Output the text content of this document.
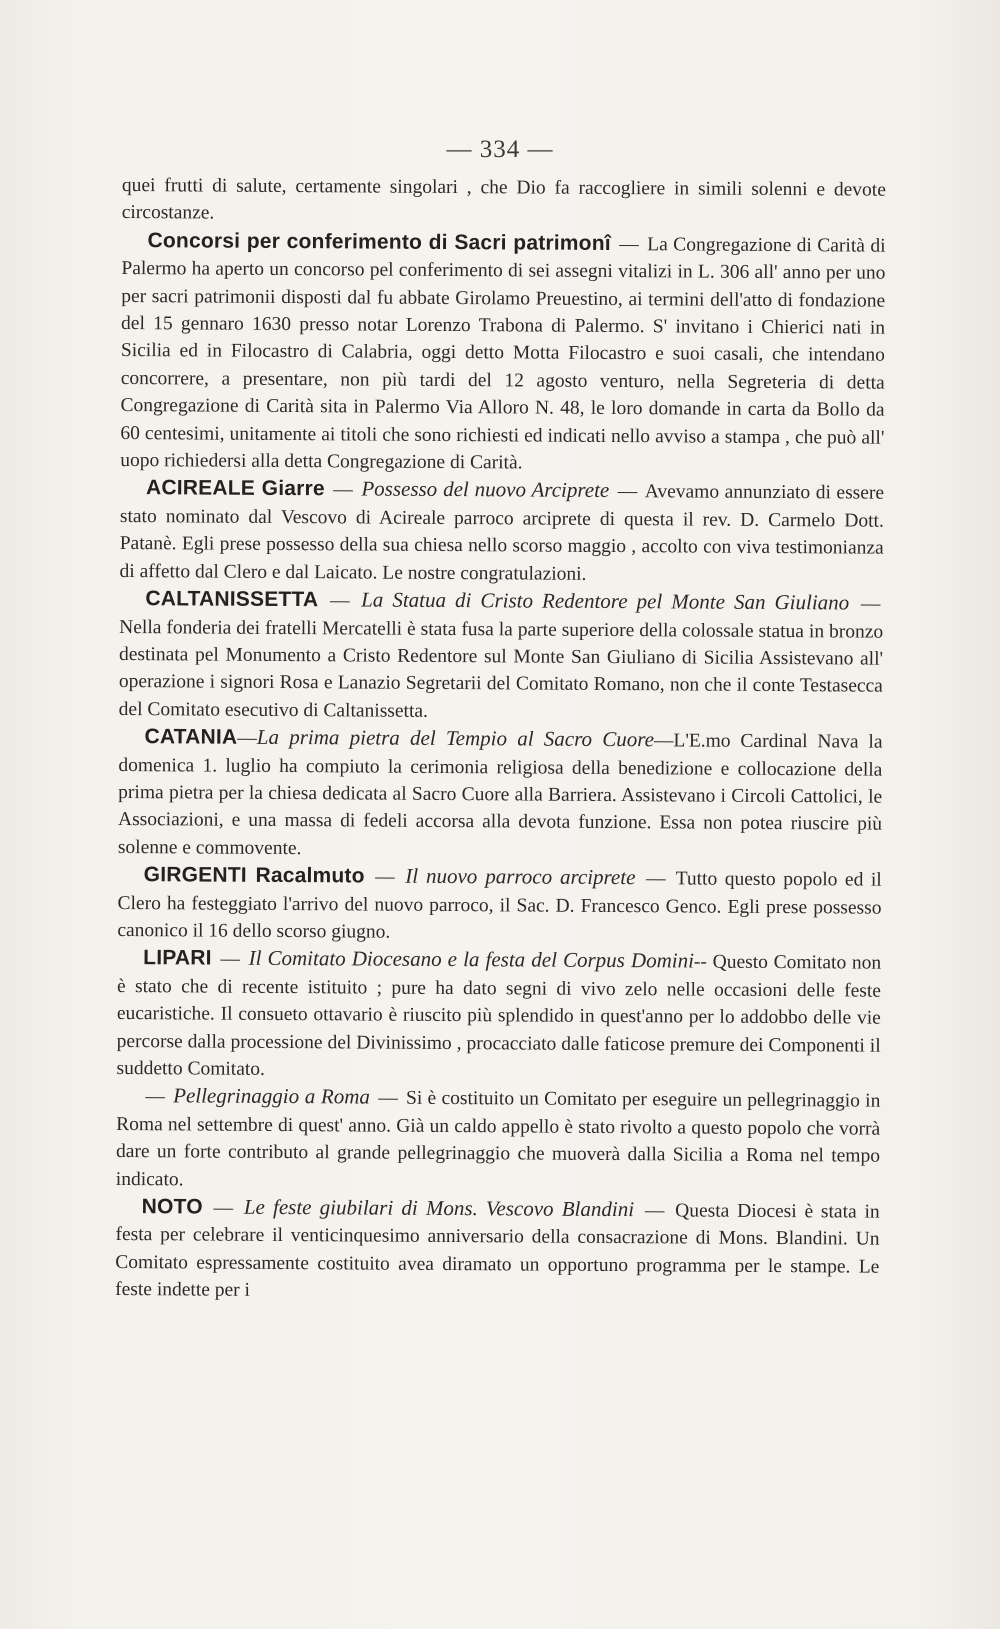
— 334 —

quei frutti di salute, certamente singolari , che Dio fa raccogliere in simili solenni e devote circostanze.

Concorsi per conferimento di Sacri patrimonî — La Congregazione di Carità di Palermo ha aperto un concorso pel conferimento di sei assegni vitalizi in L. 306 all' anno per uno per sacri patrimonii disposti dal fu abbate Girolamo Preuestino, ai termini dell'atto di fondazione del 15 gennaro 1630 presso notar Lorenzo Trabona di Palermo. S' invitano i Chierici nati in Sicilia ed in Filocastro di Calabria, oggi detto Motta Filocastro e suoi casali, che intendano concorrere, a presentare, non più tardi del 12 agosto venturo, nella Segreteria di detta Congregazione di Carità sita in Palermo Via Alloro N. 48, le loro domande in carta da Bollo da 60 centesimi, unitamente ai titoli che sono richiesti ed indicati nello avviso a stampa , che può all' uopo richiedersi alla detta Congregazione di Carità.

ACIREALE Giarre — Possesso del nuovo Arciprete — Avevamo annunziato di essere stato nominato dal Vescovo di Acireale parroco arciprete di questa il rev. D. Carmelo Dott. Patanè. Egli prese possesso della sua chiesa nello scorso maggio , accolto con viva testimonianza di affetto dal Clero e dal Laicato. Le nostre congratulazioni.

CALTANISSETTA — La Statua di Cristo Redentore pel Monte San Giuliano — Nella fonderia dei fratelli Mercatelli è stata fusa la parte superiore della colossale statua in bronzo destinata pel Monumento a Cristo Redentore sul Monte San Giuliano di Sicilia Assistevano all' operazione i signori Rosa e Lanazio Segretarii del Comitato Romano, non che il conte Testasecca del Comitato esecutivo di Caltanissetta.

CATANIA—La prima pietra del Tempio al Sacro Cuore—L'E.mo Cardinal Nava la domenica 1. luglio ha compiuto la cerimonia religiosa della benedizione e collocazione della prima pietra per la chiesa dedicata al Sacro Cuore alla Barriera. Assistevano i Circoli Cattolici, le Associazioni, e una massa di fedeli accorsa alla devota funzione. Essa non potea riuscire più solenne e commovente.

GIRGENTI Racalmuto — Il nuovo parroco arciprete — Tutto questo popolo ed il Clero ha festeggiato l'arrivo del nuovo parroco, il Sac. D. Francesco Genco. Egli prese possesso canonico il 16 dello scorso giugno.

LIPARI — Il Comitato Diocesano e la festa del Corpus Domini-- Questo Comitato non è stato che di recente istituito ; pure ha dato segni di vivo zelo nelle occasioni delle feste eucaristiche. Il consueto ottavario è riuscito più splendido in quest'anno per lo addobbo delle vie percorse dalla processione del Divinissimo , procacciato dalle faticose premure dei Componenti il suddetto Comitato.

— Pellegrinaggio a Roma — Si è costituito un Comitato per eseguire un pellegrinaggio in Roma nel settembre di quest' anno. Già un caldo appello è stato rivolto a questo popolo che vorrà dare un forte contributo al grande pellegrinaggio che muoverà dalla Sicilia a Roma nel tempo indicato.

NOTO — Le feste giubilari di Mons. Vescovo Blandini — Questa Diocesi è stata in festa per celebrare il venticinquesimo anniversario della consacrazione di Mons. Blandini. Un Comitato espressamente costituito avea diramato un opportuno programma per le stampe. Le feste indette per i
